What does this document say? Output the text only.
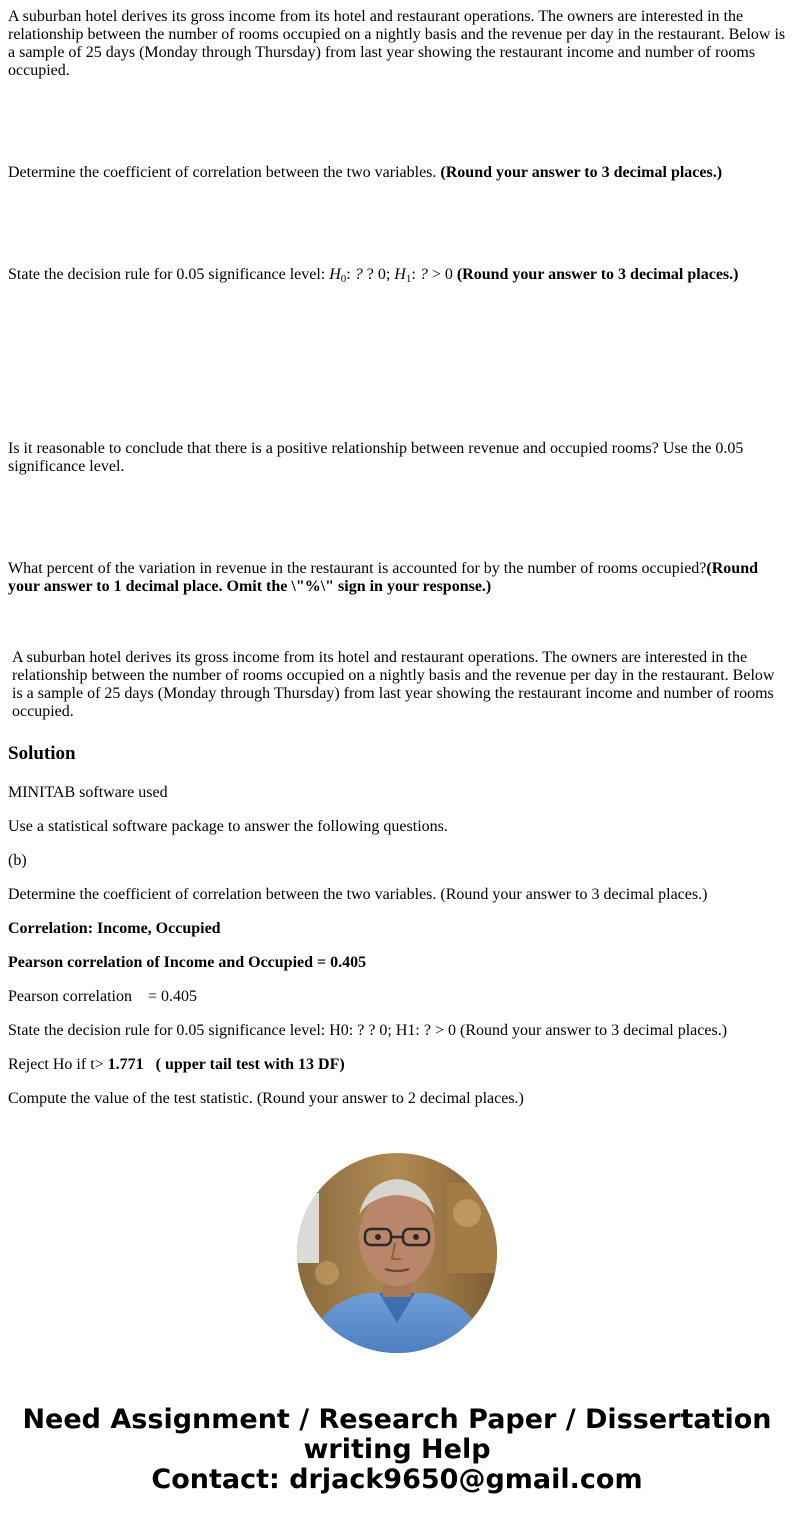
A suburban hotel derives its gross income from its hotel and restaurant operations. The owners are interested in the relationship between the number of rooms occupied on a nightly basis and the revenue per day in the restaurant. Below is a sample of 25 days (Monday through Thursday) from last year showing the restaurant income and number of rooms occupied.

Determine the coefficient of correlation between the two variables. (Round your answer to 3 decimal places.)

State the decision rule for 0.05 significance level: $H_0$: ? ? 0; $H_1$: ? > 0 (Round your answer to 3 decimal places.)

Is it reasonable to conclude that there is a positive relationship between revenue and occupied rooms? Use the 0.05 significance level.

What percent of the variation in revenue in the restaurant is accounted for by the number of rooms occupied?(Round your answer to 1 decimal place. Omit the \"%\" sign in your response.)

A suburban hotel derives its gross income from its hotel and restaurant operations. The owners are interested in the relationship between the number of rooms occupied on a nightly basis and the revenue per day in the restaurant. Below is a sample of 25 days (Monday through Thursday) from last year showing the restaurant income and number of rooms occupied.
Solution

MINITAB software used

Use a statistical software package to answer the following questions.

(b)

Determine the coefficient of correlation between the two variables. (Round your answer to 3 decimal places.)

Correlation: Income, Occupied

Pearson correlation of Income and Occupied = 0.405

Pearson correlation    = 0.405

State the decision rule for 0.05 significance level: H0: ? ? 0; H1: ? > 0 (Round your answer to 3 decimal places.)

Reject Ho if t> 1.771   ( upper tail test with 13 DF)

Compute the value of the test statistic. (Round your answer to 2 decimal places.)

Need Assignment / Research Paper / Dissertation
writing Help
Contact: drjack9650@gmail.com
